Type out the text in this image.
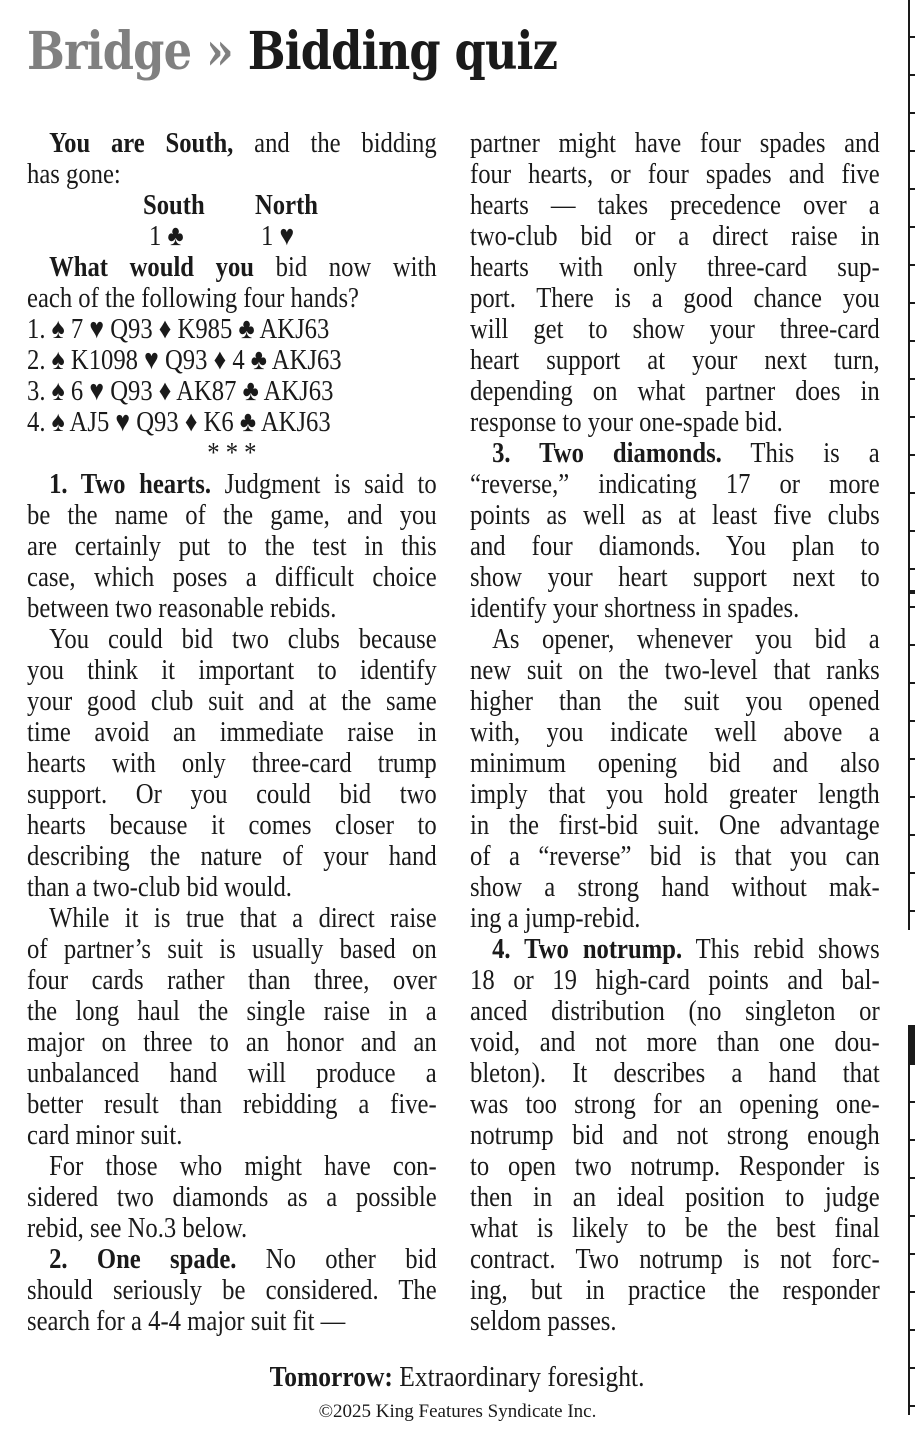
Bridge » Bidding quiz
You are South, and the bidding
has gone:
South North
1 ♣	1 ♥
What would you bid now with
each of the following four hands?
1. ♠ 7 ♥ Q93 ♦ K985 ♣ AKJ63
2. ♠ K1098 ♥ Q93 ♦ 4 ♣ AKJ63
3. ♠ 6 ♥ Q93 ♦ AK87 ♣ AKJ63
4. ♠ AJ5 ♥ Q93 ♦ K6 ♣ AKJ63
* * *
1. Two hearts. Judgment is said to
be the name of the game, and you
are certainly put to the test in this
case, which poses a difficult choice
between two reasonable rebids.
You could bid two clubs because
you think it important to identify
your good club suit and at the same
time avoid an immediate raise in
hearts with only three-card trump
support. Or you could bid two
hearts because it comes closer to
describing the nature of your hand
than a two-club bid would.
While it is true that a direct raise
of partner’s suit is usually based on
four cards rather than three, over
the long haul the single raise in a
major on three to an honor and an
unbalanced hand will produce a
better result than rebidding a five-
card minor suit.
For those who might have con-
sidered two diamonds as a possible
rebid, see No.3 below.
2. One spade. No other bid
should seriously be considered. The
search for a 4-4 major suit fit —
partner might have four spades and
four hearts, or four spades and five
hearts — takes precedence over a
two-club bid or a direct raise in
hearts with only three-card sup-
port. There is a good chance you
will get to show your three-card
heart support at your next turn,
depending on what partner does in
response to your one-spade bid.
3. Two diamonds. This is a
“reverse,” indicating 17 or more
points as well as at least five clubs
and four diamonds. You plan to
show your heart support next to
identify your shortness in spades.
As opener, whenever you bid a
new suit on the two-level that ranks
higher than the suit you opened
with, you indicate well above a
minimum opening bid and also
imply that you hold greater length
in the first-bid suit. One advantage
of a “reverse” bid is that you can
show a strong hand without mak-
ing a jump-rebid.
4. Two notrump. This rebid shows
18 or 19 high-card points and bal-
anced distribution (no singleton or
void, and not more than one dou-
bleton). It describes a hand that
was too strong for an opening one-
notrump bid and not strong enough
to open two notrump. Responder is
then in an ideal position to judge
what is likely to be the best final
contract. Two notrump is not forc-
ing, but in practice the responder
seldom passes.
Tomorrow: Extraordinary foresight.
©2025 King Features Syndicate Inc.
